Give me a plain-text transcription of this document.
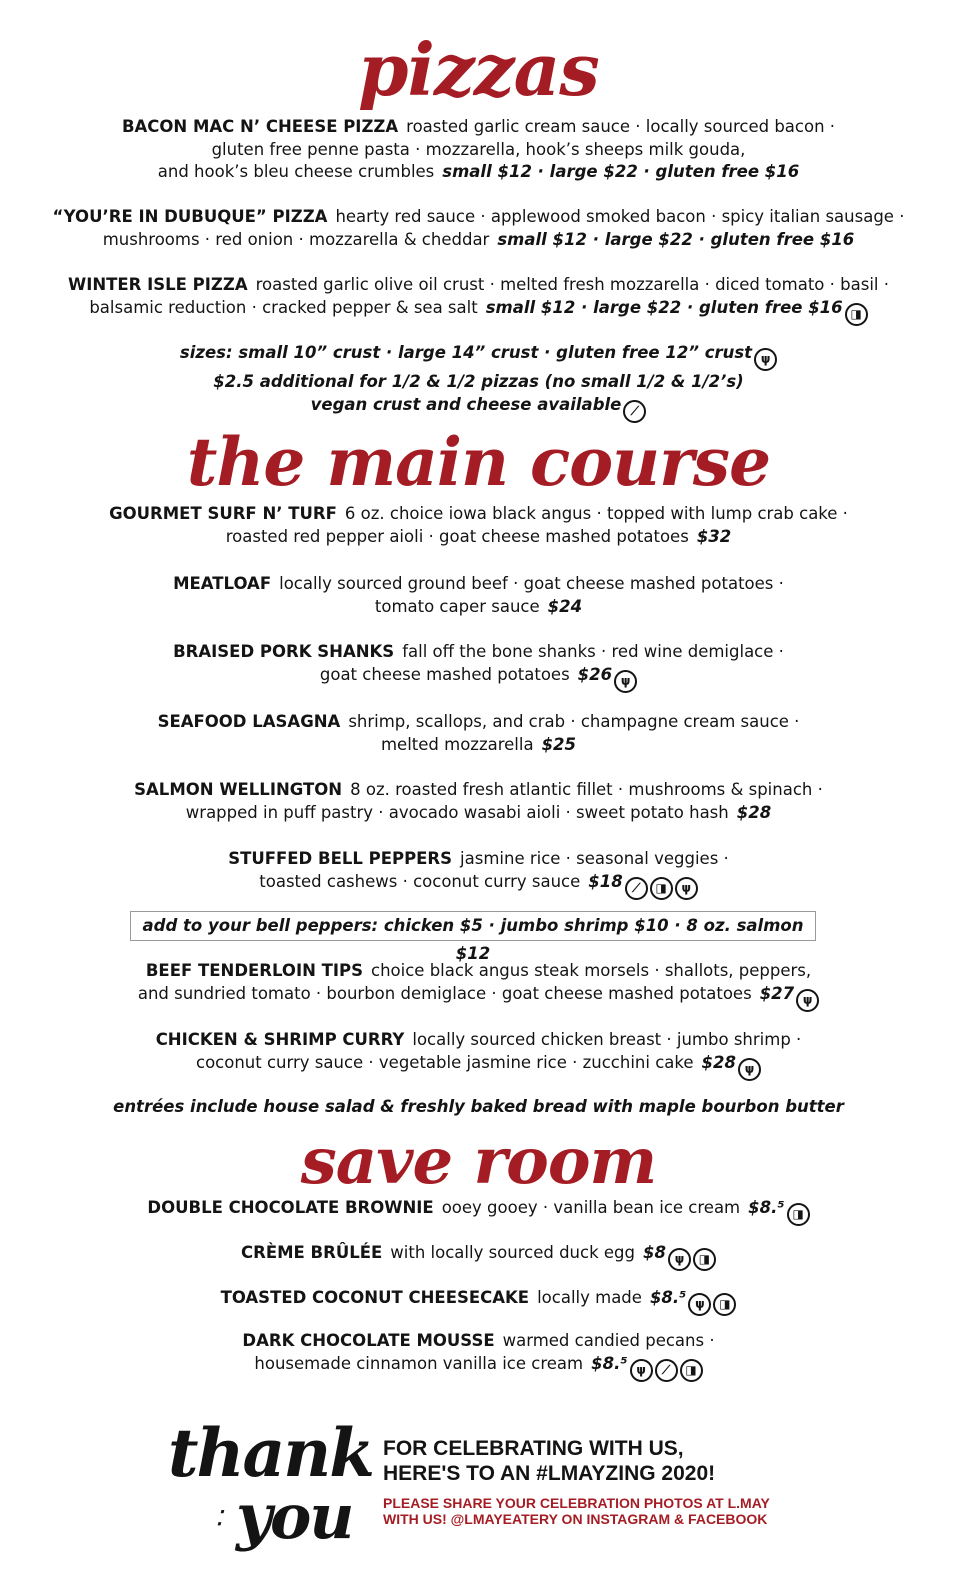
pizzas
BACON MAC N’ CHEESE PIZZA roasted garlic cream sauce · locally sourced bacon ·
gluten free penne pasta · mozzarella, hook’s sheeps milk gouda,
and hook’s bleu cheese crumbles small $12 · large $22 · gluten free $16
“YOU’RE IN DUBUQUE” PIZZA hearty red sauce · applewood smoked bacon · spicy italian sausage ·
mushrooms · red onion · mozzarella & cheddar small $12 · large $22 · gluten free $16
WINTER ISLE PIZZA roasted garlic olive oil crust · melted fresh mozzarella · diced tomato · basil ·
balsamic reduction · cracked pepper & sea salt small $12 · large $22 · gluten free $16 ◨
sizes: small 10” crust · large 14” crust · gluten free 12” crust ψ
$2.5 additional for 1/2 & 1/2 pizzas (no small 1/2 & 1/2’s)
vegan crust and cheese available ⟋
the main course
GOURMET SURF N’ TURF 6 oz. choice iowa black angus · topped with lump crab cake ·
roasted red pepper aioli · goat cheese mashed potatoes $32
MEATLOAF locally sourced ground beef · goat cheese mashed potatoes ·
tomato caper sauce $24
BRAISED PORK SHANKS fall off the bone shanks · red wine demiglace ·
goat cheese mashed potatoes $26 ψ
SEAFOOD LASAGNA shrimp, scallops, and crab · champagne cream sauce ·
melted mozzarella $25
SALMON WELLINGTON 8 oz. roasted fresh atlantic fillet · mushrooms & spinach ·
wrapped in puff pastry · avocado wasabi aioli · sweet potato hash $28
STUFFED BELL PEPPERS jasmine rice · seasonal veggies ·
toasted cashews · coconut curry sauce $18 ⟋ ◨ ψ
add to your bell peppers: chicken $5 · jumbo shrimp $10 · 8 oz. salmon $12
BEEF TENDERLOIN TIPS choice black angus steak morsels · shallots, peppers,
and sundried tomato · bourbon demiglace · goat cheese mashed potatoes $27 ψ
CHICKEN & SHRIMP CURRY locally sourced chicken breast · jumbo shrimp ·
coconut curry sauce · vegetable jasmine rice · zucchini cake $28 ψ
entrées include house salad & freshly baked bread with maple bourbon butter
save room
DOUBLE CHOCOLATE BROWNIE ooey gooey · vanilla bean ice cream $8.⁵ ◨
CRÈME BRÛLÉE with locally sourced duck egg $8 ψ ◨
TOASTED COCONUT CHEESECAKE locally made $8.⁵ ψ ◨
DARK CHOCOLATE MOUSSE warmed candied pecans ·
housemade cinnamon vanilla ice cream $8.⁵ ψ ⟋ ◨
thank
⁚ you
FOR CELEBRATING WITH US,
HERE'S TO AN #LMAYZING 2020!
PLEASE SHARE YOUR CELEBRATION PHOTOS AT L.MAY
WITH US! @LMAYEATERY ON INSTAGRAM & FACEBOOK
